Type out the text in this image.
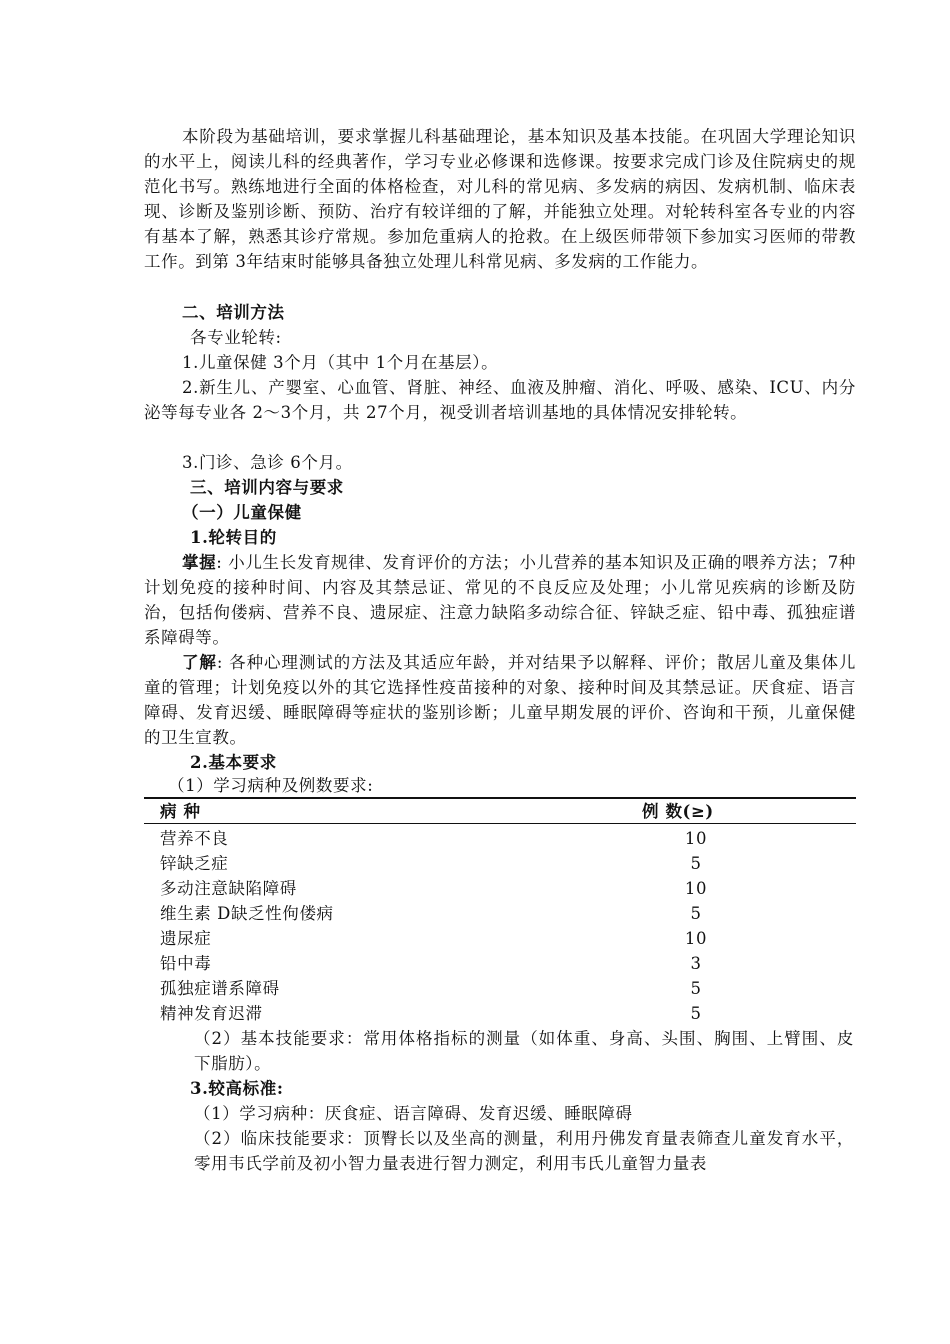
本阶段为基础培训，要求掌握儿科基础理论，基本知识及基本技能。在巩固大学理论知识的水平上，阅读儿科的经典著作，学习专业必修课和选修课。按要求完成门诊及住院病史的规范化书写。熟练地进行全面的体格检查，对儿科的常见病、多发病的病因、发病机制、临床表现、诊断及鉴别诊断、预防、治疗有较详细的了解，并能独立处理。对轮转科室各专业的内容有基本了解，熟悉其诊疗常规。参加危重病人的抢救。在上级医师带领下参加实习医师的带教工作。到第 3年结束时能够具备独立处理儿科常见病、多发病的工作能力。
二、培训方法
各专业轮转:
1.儿童保健 3个月（其中 1个月在基层）。
2.新生儿、产婴室、心血管、肾脏、神经、血液及肿瘤、消化、呼吸、感染、ICU、内分泌等每专业各 2～3个月，共 27个月，视受训者培训基地的具体情况安排轮转。
3.门诊、急诊 6个月。
三、培训内容与要求
（一）儿童保健
1.轮转目的
掌握: 小儿生长发育规律、发育评价的方法；小儿营养的基本知识及正确的喂养方法；7种计划免疫的接种时间、内容及其禁忌证、常见的不良反应及处理；小儿常见疾病的诊断及防治，包括佝偻病、营养不良、遗尿症、注意力缺陷多动综合征、锌缺乏症、铅中毒、孤独症谱系障碍等。
了解: 各种心理测试的方法及其适应年龄，并对结果予以解释、评价；散居儿童及集体儿童的管理；计划免疫以外的其它选择性疫苗接种的对象、接种时间及其禁忌证。厌食症、语言障碍、发育迟缓、睡眠障碍等症状的鉴别诊断；儿童早期发展的评价、咨询和干预，儿童保健的卫生宣教。
2.基本要求
（1）学习病种及例数要求:
病 种	例 数(≥)
营养不良	10
锌缺乏症	5
多动注意缺陷障碍	10
维生素 D缺乏性佝偻病	5
遗尿症	10
铅中毒	3
孤独症谱系障碍	5
精神发育迟滞	5
（2）基本技能要求：常用体格指标的测量（如体重、身高、头围、胸围、上臂围、皮下脂肪）。
3.较高标准:
（1）学习病种：厌食症、语言障碍、发育迟缓、睡眠障碍
（2）临床技能要求：顶臀长以及坐高的测量，利用丹佛发育量表筛查儿童发育水平，零用韦氏学前及初小智力量表进行智力测定，利用韦氏儿童智力量表
